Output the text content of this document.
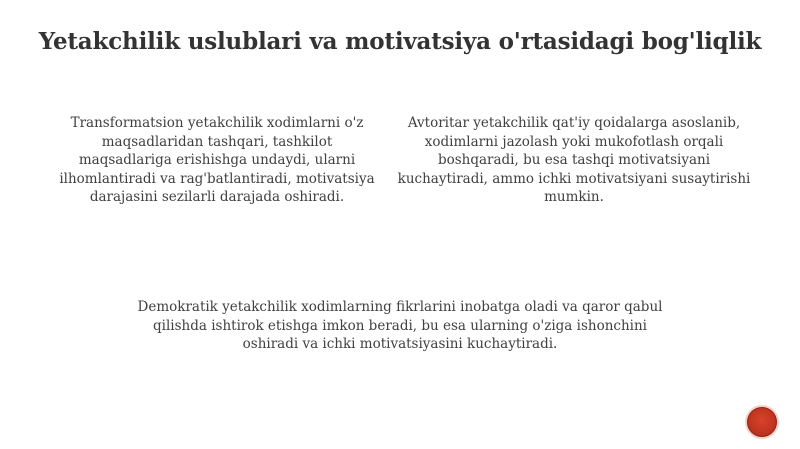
Yetakchilik uslublari va motivatsiya o'rtasidagi bog'liqlik
Transformatsion yetakchilik xodimlarni o'z maqsadlaridan tashqari, tashkilot maqsadlariga erishishga undaydi, ularni ilhomlantiradi va rag'batlantiradi, motivatsiya darajasini sezilarli darajada oshiradi.
Avtoritar yetakchilik qat'iy qoidalarga asoslanib, xodimlarni jazolash yoki mukofotlash orqali boshqaradi, bu esa tashqi motivatsiyani kuchaytiradi, ammo ichki motivatsiyani susaytirishi mumkin.
Demokratik yetakchilik xodimlarning fikrlarini inobatga oladi va qaror qabul qilishda ishtirok etishga imkon beradi, bu esa ularning o'ziga ishonchini oshiradi va ichki motivatsiyasini kuchaytiradi.
